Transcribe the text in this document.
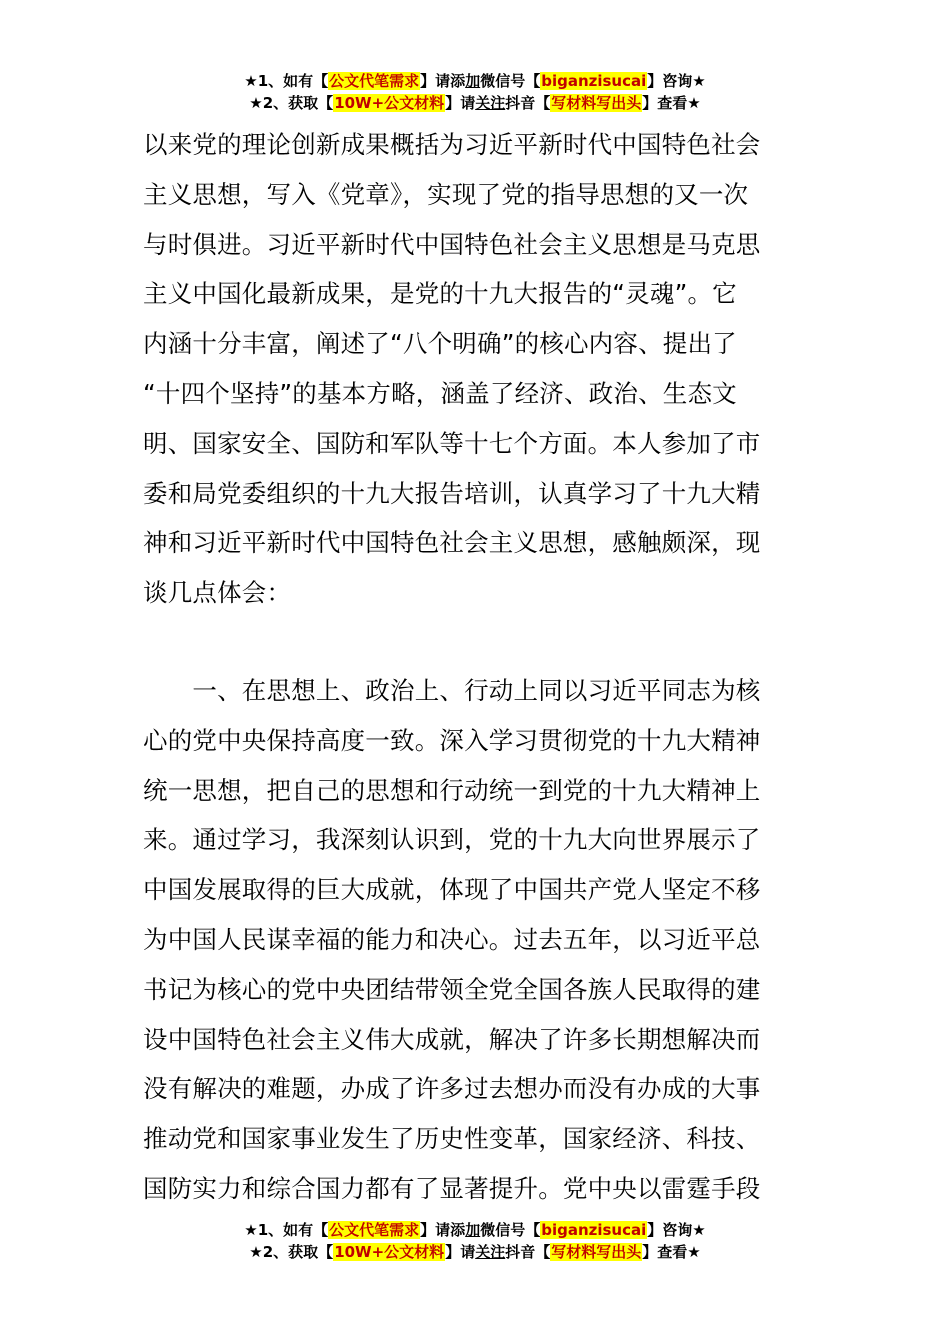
★1、如有【公文代笔需求】请添加微信号【biganzisucai】咨询★
★2、获取【10W+公文材料】请关注抖音【写材料写出头】查看★
以来党的理论创新成果概括为习近平新时代中国特色社会
主义思想，写入《党章》，实现了党的指导思想的又一次
与时俱进。习近平新时代中国特色社会主义思想是马克思
主义中国化最新成果，是党的十九大报告的“灵魂”。它
内涵十分丰富，阐述了“八个明确”的核心内容、提出了
“十四个坚持”的基本方略，涵盖了经济、政治、生态文
明、国家安全、国防和军队等十七个方面。本人参加了市
委和局党委组织的十九大报告培训，认真学习了十九大精
神和习近平新时代中国特色社会主义思想，感触颇深，现
谈几点体会：
　　一、在思想上、政治上、行动上同以习近平同志为核
心的党中央保持高度一致。深入学习贯彻党的十九大精神
统一思想，把自己的思想和行动统一到党的十九大精神上
来。通过学习，我深刻认识到，党的十九大向世界展示了
中国发展取得的巨大成就，体现了中国共产党人坚定不移
为中国人民谋幸福的能力和决心。过去五年，以习近平总
书记为核心的党中央团结带领全党全国各族人民取得的建
设中国特色社会主义伟大成就，解决了许多长期想解决而
没有解决的难题，办成了许多过去想办而没有办成的大事
推动党和国家事业发生了历史性变革，国家经济、科技、
国防实力和综合国力都有了显著提升。党中央以雷霆手段
★1、如有【公文代笔需求】请添加微信号【biganzisucai】咨询★
★2、获取【10W+公文材料】请关注抖音【写材料写出头】查看★
